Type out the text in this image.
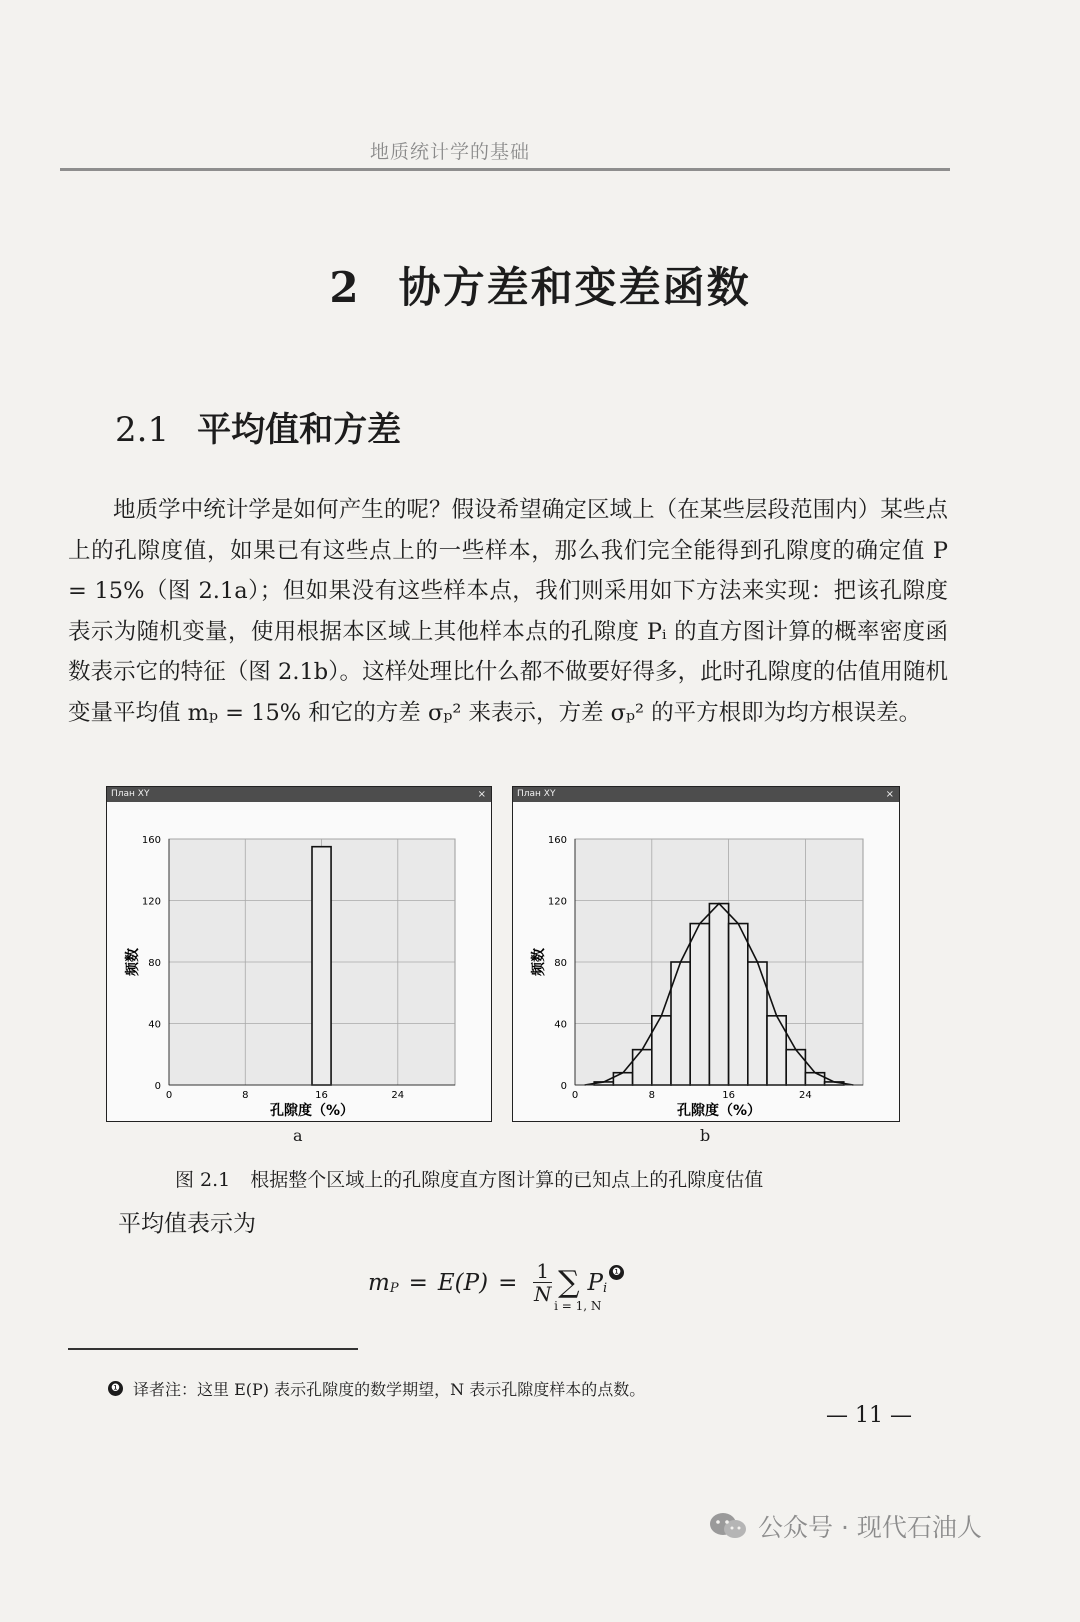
地质统计学的基础
2 协方差和变差函数
2.1 平均值和方差

地质学中统计学是如何产生的呢？假设希望确定区域上（在某些层段范围内）某些点上的孔隙度值，如果已有这些点上的一些样本，那么我们完全能得到孔隙度的确定值 P = 15%（图 2.1a）；但如果没有这些样本点，我们则采用如下方法来实现：把该孔隙度表示为随机变量，使用根据本区域上其他样本点的孔隙度 Pᵢ 的直方图计算的概率密度函数表示它的特征（图 2.1b）。这样处理比什么都不做要好得多，此时孔隙度的估值用随机变量平均值 mₚ = 15% 和它的方差 σₚ² 来表示，方差 σₚ² 的平方根即为均方根误差。

План XY	×
0
40
80
120
160
0	8	16	24
孔隙度（%）
频数
План XY	×
0
40
80
120
160
0	8	16	24
孔隙度（%）
频数
a	b
图 2.1 根据整个区域上的孔隙度直方图计算的已知点上的孔隙度估值
平均值表示为
m $P = E(P) = \frac{1}{N}$ ∑
i = 1, N
P i
❶
❶ 译者注：这里 E(P) 表示孔隙度的数学期望，N 表示孔隙度样本的点数。
— 11 —
公众号 · 现代石油人
